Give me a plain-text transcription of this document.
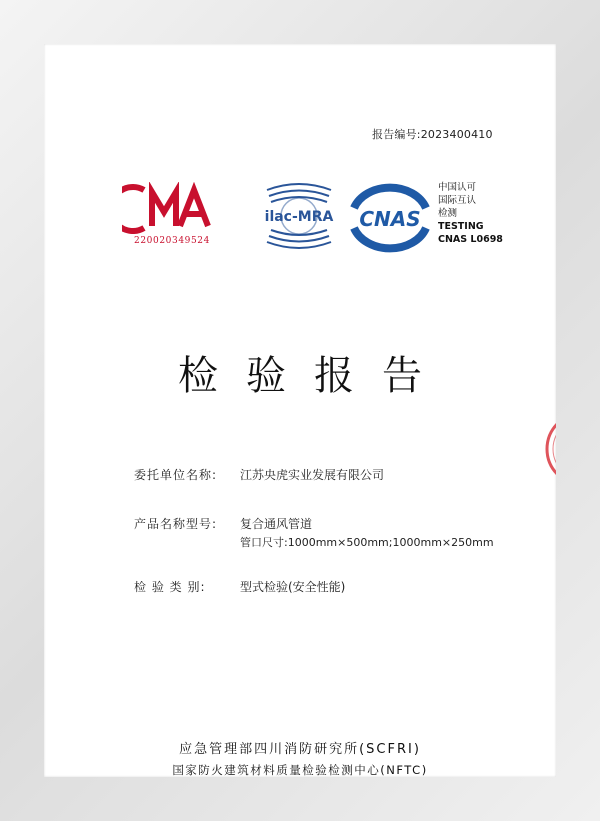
报告编号:2023400410
CMA
220020349524
ilac-MRA CNAS
中国认可
国际互认
检测
TESTING
CNAS L0698
检验报告
委托单位名称: 江苏央虎实业发展有限公司
产品名称型号: 复合通风管道
管口尺寸:1000mm×500mm;1000mm×250mm
检 验 类 别:	型式检验(安全性能)
应急管理部四川消防研究所(SCFRI)
国家防火建筑材料质量检验检测中心(NFTC)
